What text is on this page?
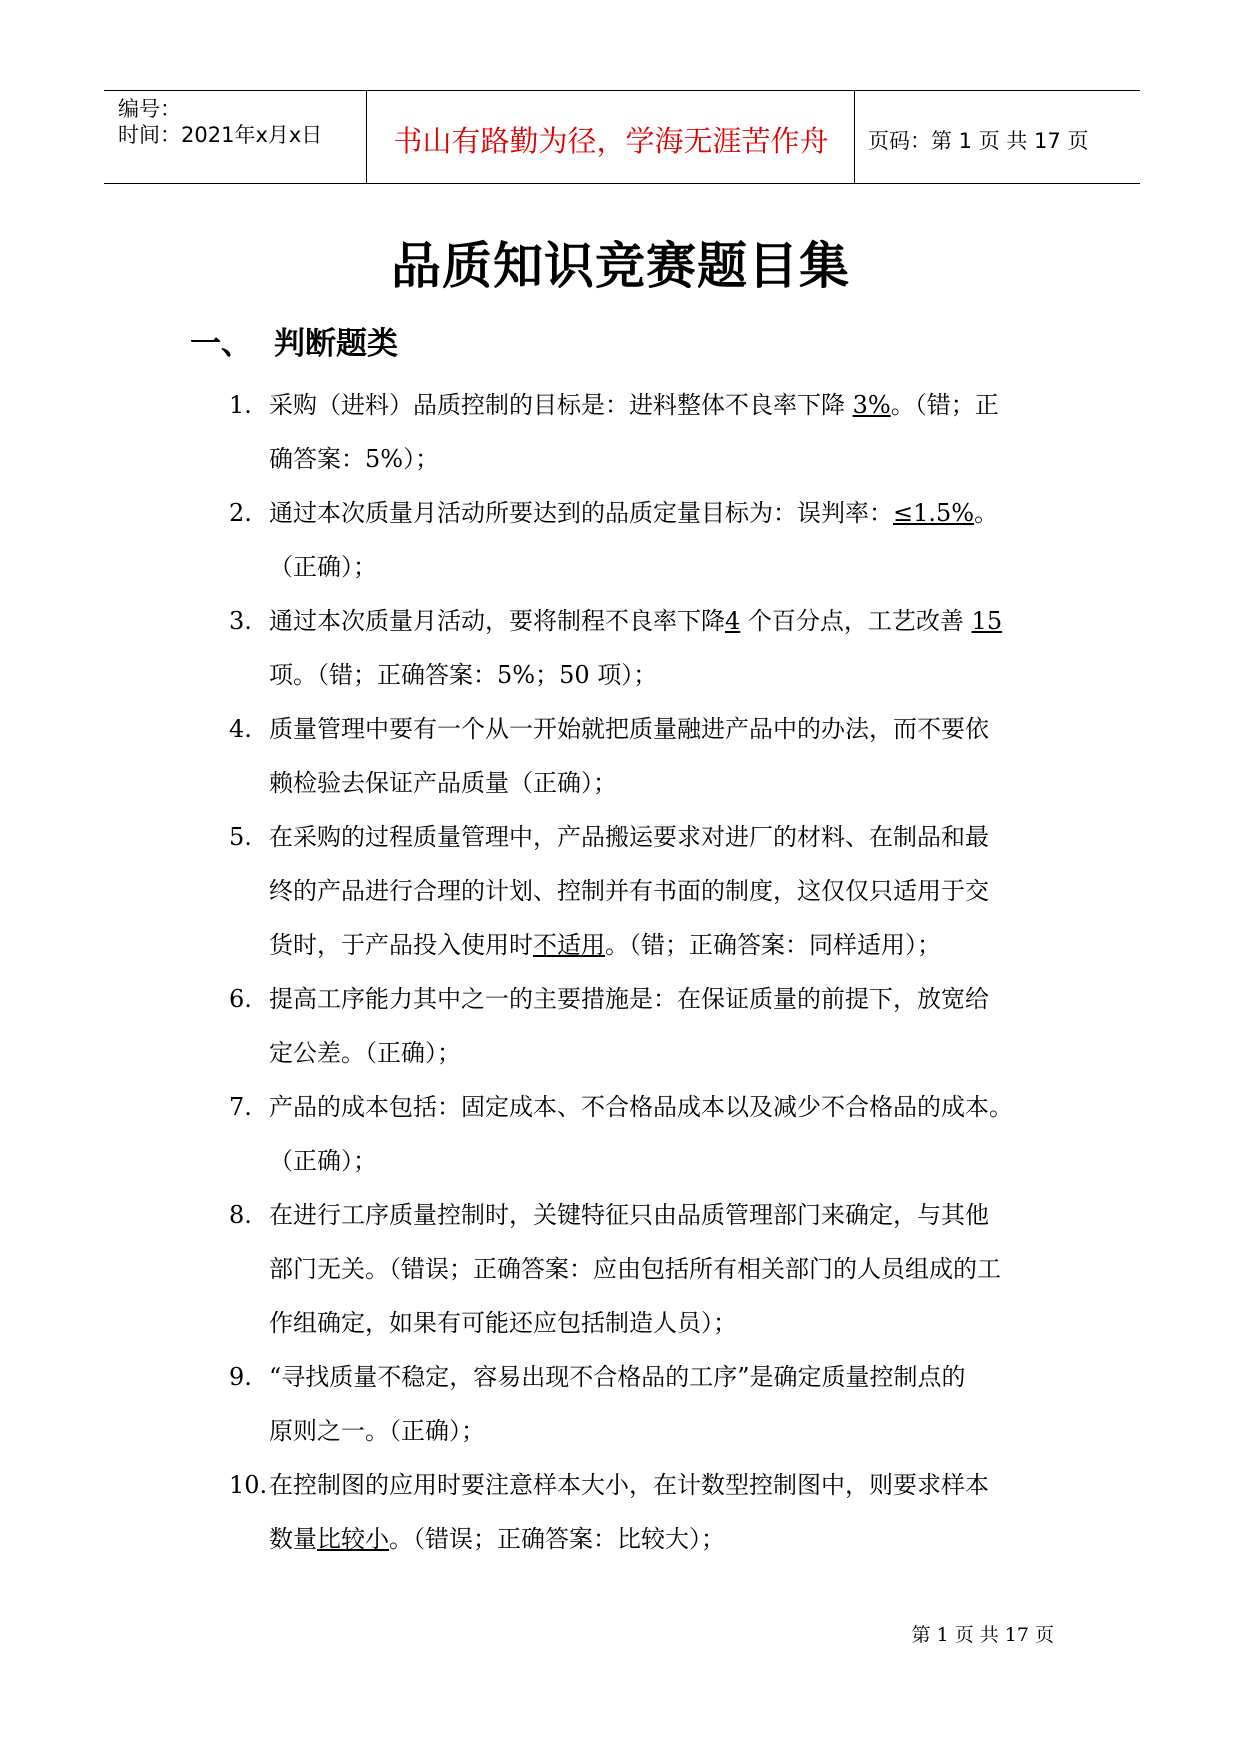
编号：
时间：2021年x月x日	书山有路勤为径，学海无涯苦作舟	页码：第 1 页 共 17 页
品质知识竞赛题目集
一、 判断题类
1. 采购（进料）品质控制的目标是：进料整体不良率下降 3%。（错；正
确答案：5%）；
2. 通过本次质量月活动所要达到的品质定量目标为：误判率：≤1.5%。
（正确）；
3. 通过本次质量月活动，要将制程不良率下降4 个百分点，工艺改善 15
项。（错；正确答案：5%；50 项）；
4. 质量管理中要有一个从一开始就把质量融进产品中的办法，而不要依
赖检验去保证产品质量（正确）；
5. 在采购的过程质量管理中，产品搬运要求对进厂的材料、在制品和最
终的产品进行合理的计划、控制并有书面的制度，这仅仅只适用于交
货时，于产品投入使用时不适用。（错；正确答案：同样适用）；
6. 提高工序能力其中之一的主要措施是：在保证质量的前提下，放宽给
定公差。（正确）；
7. 产品的成本包括：固定成本、不合格品成本以及减少不合格品的成本。
（正确）；
8. 在进行工序质量控制时，关键特征只由品质管理部门来确定，与其他
部门无关。（错误；正确答案：应由包括所有相关部门的人员组成的工
作组确定，如果有可能还应包括制造人员）；
9. “寻找质量不稳定，容易出现不合格品的工序”是确定质量控制点的
原则之一。（正确）；
10. 在控制图的应用时要注意样本大小，在计数型控制图中，则要求样本
数量比较小。（错误；正确答案：比较大）；
第 1 页 共 17 页
